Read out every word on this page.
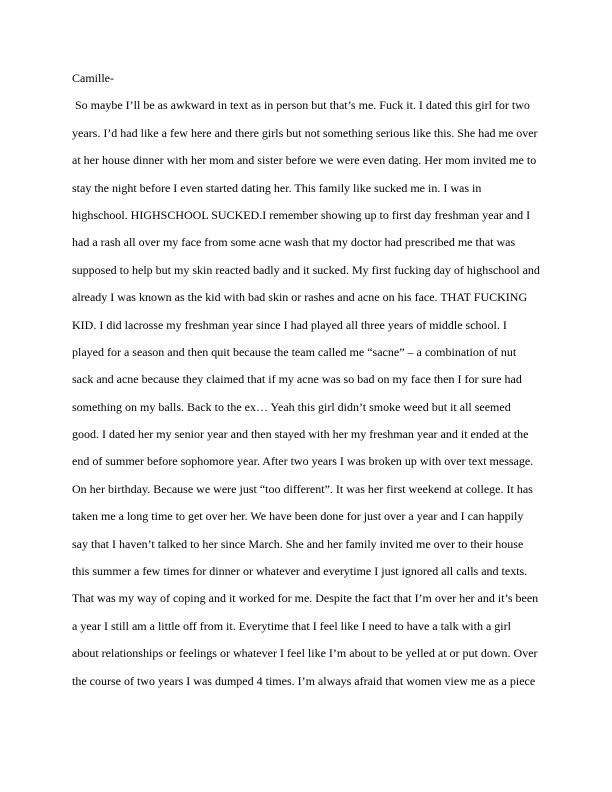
Camille-
So maybe I’ll be as awkward in text as in person but that’s me. Fuck it. I dated this girl for two
years. I’d had like a few here and there girls but not something serious like this. She had me over
at her house dinner with her mom and sister before we were even dating. Her mom invited me to
stay the night before I even started dating her. This family like sucked me in. I was in
highschool. HIGHSCHOOL SUCKED.I remember showing up to first day freshman year and I
had a rash all over my face from some acne wash that my doctor had prescribed me that was
supposed to help but my skin reacted badly and it sucked. My first fucking day of highschool and
already I was known as the kid with bad skin or rashes and acne on his face. THAT FUCKING
KID. I did lacrosse my freshman year since I had played all three years of middle school. I
played for a season and then quit because the team called me “sacne” – a combination of nut
sack and acne because they claimed that if my acne was so bad on my face then I for sure had
something on my balls. Back to the ex… Yeah this girl didn’t smoke weed but it all seemed
good. I dated her my senior year and then stayed with her my freshman year and it ended at the
end of summer before sophomore year. After two years I was broken up with over text message.
On her birthday. Because we were just “too different”. It was her first weekend at college. It has
taken me a long time to get over her. We have been done for just over a year and I can happily
say that I haven’t talked to her since March. She and her family invited me over to their house
this summer a few times for dinner or whatever and everytime I just ignored all calls and texts.
That was my way of coping and it worked for me. Despite the fact that I’m over her and it’s been
a year I still am a little off from it. Everytime that I feel like I need to have a talk with a girl
about relationships or feelings or whatever I feel like I’m about to be yelled at or put down. Over
the course of two years I was dumped 4 times. I’m always afraid that women view me as a piece
